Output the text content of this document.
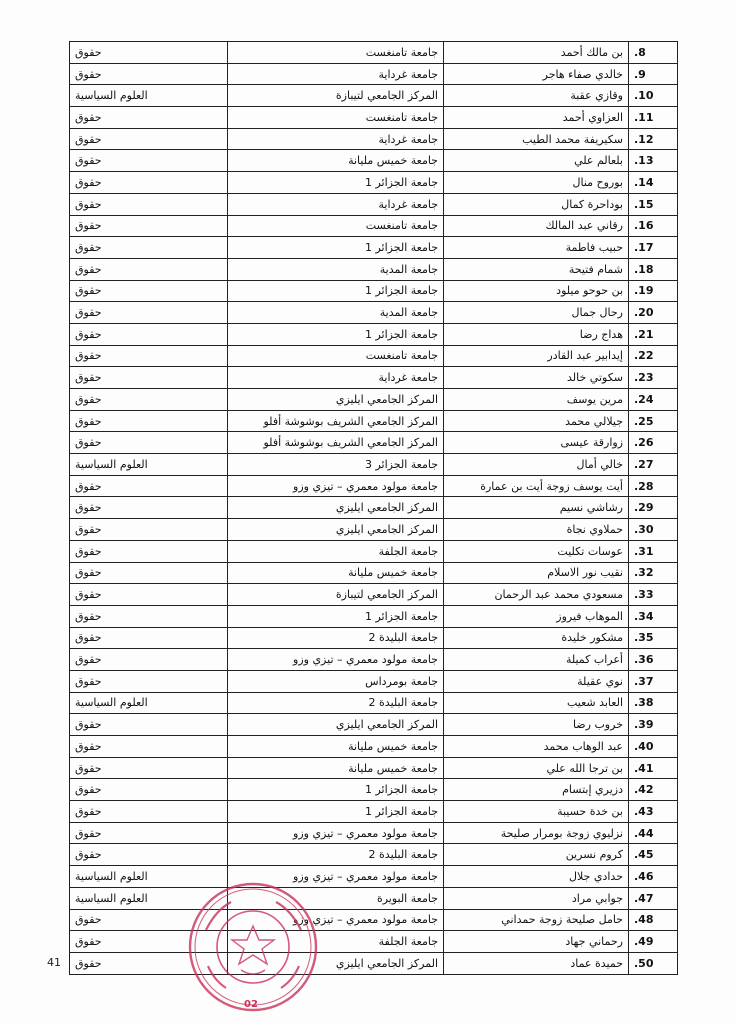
.8	بن مالك أحمد	جامعة تامنغست	حقوق
.9	خالدي صفاء هاجر	جامعة غرداية	حقوق
.10	وقازي عقبة	المركز الجامعي لتيبازة	العلوم السياسية
.11	العزاوي أحمد	جامعة تامنغست	حقوق
.12	سكيريفة محمد الطيب	جامعة غرداية	حقوق
.13	بلعالم علي	جامعة خميس مليانة	حقوق
.14	بوروح منال	جامعة الجزائر 1	حقوق
.15	بوداحرة كمال	جامعة غرداية	حقوق
.16	رقاني عبد المالك	جامعة تامنغست	حقوق
.17	حبيب فاطمة	جامعة الجزائر 1	حقوق
.18	شمام فتيحة	جامعة المدية	حقوق
.19	بن حوحو ميلود	جامعة الجزائر 1	حقوق
.20	رحال جمال	جامعة المدية	حقوق
.21	هداج رضا	جامعة الجزائر 1	حقوق
.22	إيدابير عبد القادر	جامعة تامنغست	حقوق
.23	سكوتي خالد	جامعة غرداية	حقوق
.24	مرين يوسف	المركز الجامعي ايليزي	حقوق
.25	جيلالي محمد	المركز الجامعي الشريف بوشوشة أفلو	حقوق
.26	زوارقة عيسى	المركز الجامعي الشريف بوشوشة أفلو	حقوق
.27	خالي أمال	جامعة الجزائر 3	العلوم السياسية
.28	أيت يوسف زوجة أيت بن عمارة	جامعة مولود معمري – تيزي وزو	حقوق
.29	رشاشي نسيم	المركز الجامعي ايليزي	حقوق
.30	حملاوي نجاة	المركز الجامعي ايليزي	حقوق
.31	عوسات تكليت	جامعة الجلفة	حقوق
.32	نقيب نور الاسلام	جامعة خميس مليانة	حقوق
.33	مسعودي محمد عبد الرحمان	المركز الجامعي لتيبازة	حقوق
.34	الموهاب فيروز	جامعة الجزائر 1	حقوق
.35	مشكور خليدة	جامعة البليدة 2	حقوق
.36	أعراب كميلة	جامعة مولود معمري – تيزي وزو	حقوق
.37	نوي عقيلة	جامعة بومرداس	حقوق
.38	العابد شعيب	جامعة البليدة 2	العلوم السياسية
.39	خروب رضا	المركز الجامعي ايليزي	حقوق
.40	عبد الوهاب محمد	جامعة خميس مليانة	حقوق
.41	بن ترجا الله علي	جامعة خميس مليانة	حقوق
.42	دزيري إبتسام	جامعة الجزائر 1	حقوق
.43	بن خدة حسيبة	جامعة الجزائر 1	حقوق
.44	نزليوي زوجة بومرار صليحة	جامعة مولود معمري – تيزي وزو	حقوق
.45	كروم نسرين	جامعة البليدة 2	حقوق
.46	حدادي جلال	جامعة مولود معمري – تيزي وزو	العلوم السياسية
.47	جوابي مراد	جامعة البويرة	العلوم السياسية
.48	حامل صليحة زوجة حمداني	جامعة مولود معمري – تيزي وزو	حقوق
.49	رحماني جهاد	جامعة الجلفة	حقوق
.50	حميدة عماد	المركز الجامعي ايليزي	حقوق
41
02
